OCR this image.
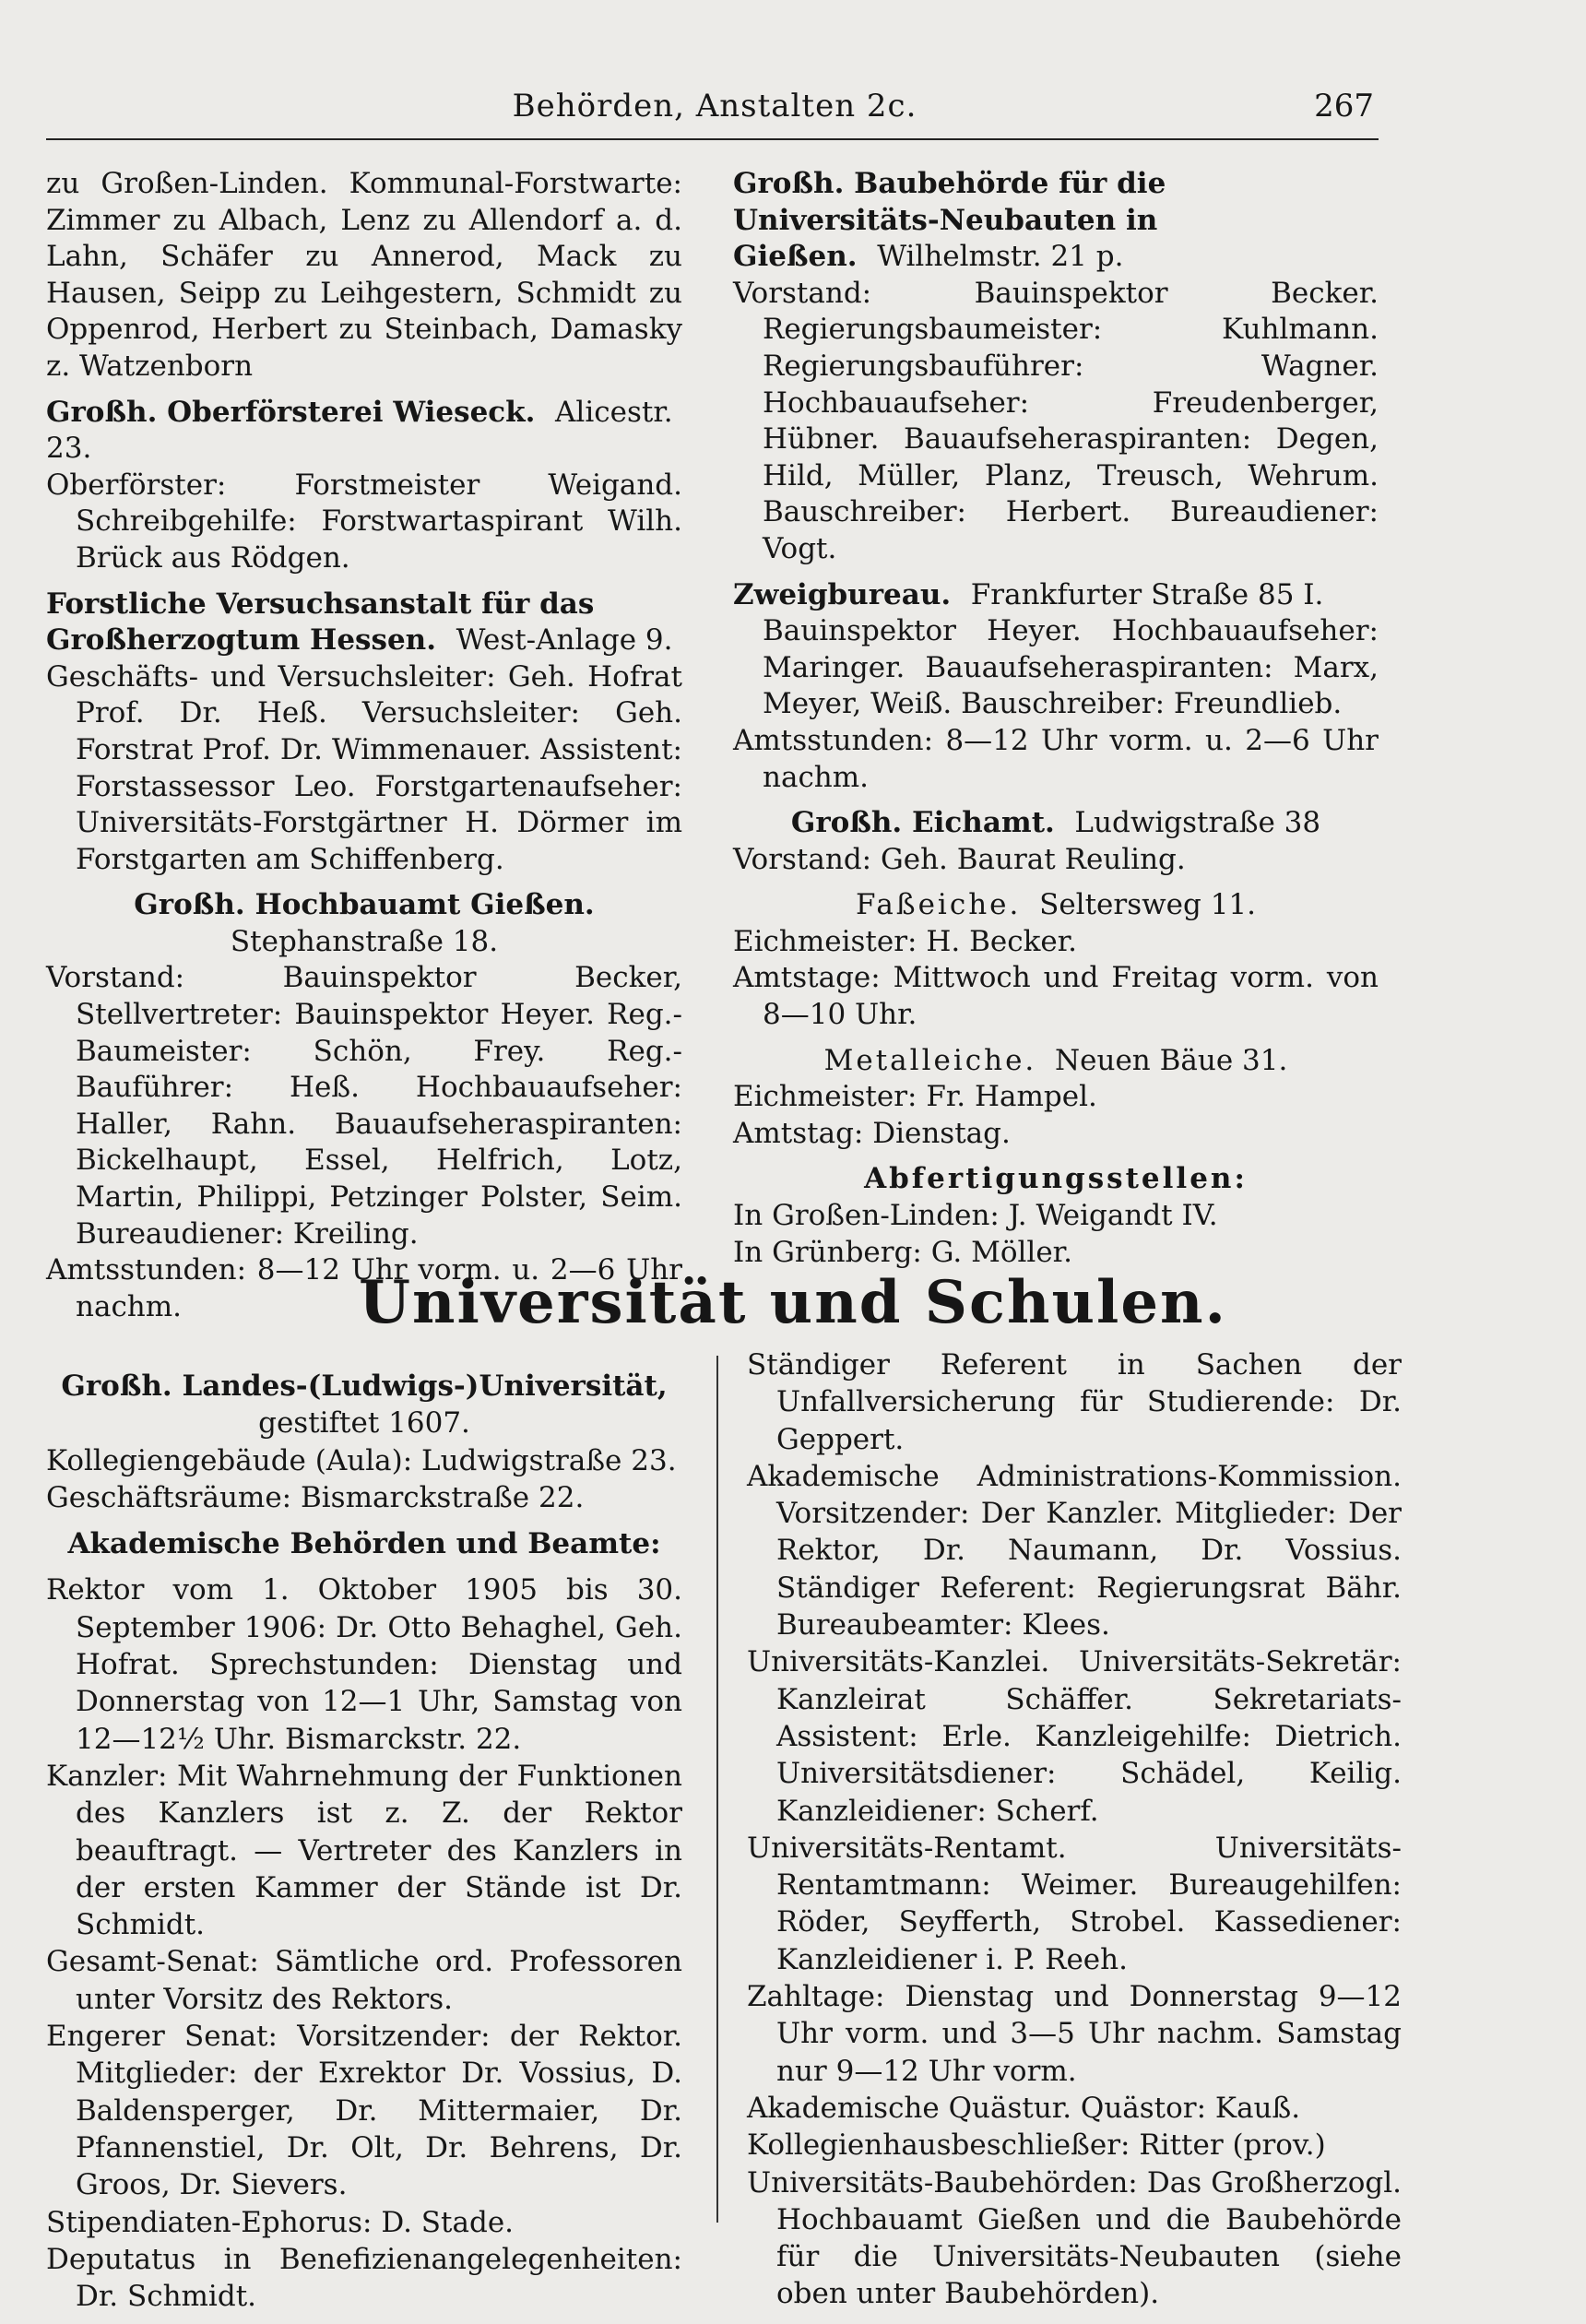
Behörden, Anstalten 2c.	267

zu Großen-Linden. Kommunal-Forstwarte: Zimmer zu Albach, Lenz zu Allendorf a. d. Lahn, Schäfer zu Annerod, Mack zu Hausen, Seipp zu Leihgestern, Schmidt zu Oppenrod, Herbert zu Steinbach, Damasky z. Watzenborn

Großh. Oberförsterei Wieseck. Alicestr. 23.

Oberförster: Forstmeister Weigand. Schreibgehilfe: Forstwartaspirant Wilh. Brück aus Rödgen.

Forstliche Versuchsanstalt für das Großherzogtum Hessen. West-Anlage 9.

Geschäfts- und Versuchsleiter: Geh. Hofrat Prof. Dr. Heß. Versuchsleiter: Geh. Forstrat Prof. Dr. Wimmenauer. Assistent: Forstassessor Leo. Forstgartenaufseher: Universitäts-Forstgärtner H. Dörmer im Forstgarten am Schiffenberg.

Großh. Hochbauamt Gießen.

Stephanstraße 18.

Vorstand: Bauinspektor Becker, Stellvertreter: Bauinspektor Heyer. Reg.-Baumeister: Schön, Frey. Reg.-Bauführer: Heß. Hochbauaufseher: Haller, Rahn. Bauaufseheraspiranten: Bickelhaupt, Essel, Helfrich, Lotz, Martin, Philippi, Petzinger Polster, Seim. Bureaudiener: Kreiling.

Amtsstunden: 8—12 Uhr vorm. u. 2—6 Uhr nachm.

Großh. Baubehörde für die Universitäts-Neubauten in Gießen. Wilhelmstr. 21 p.

Vorstand: Bauinspektor Becker. Regierungsbaumeister: Kuhlmann. Regierungsbauführer: Wagner. Hochbauaufseher: Freudenberger, Hübner. Bauaufseheraspiranten: Degen, Hild, Müller, Planz, Treusch, Wehrum. Bauschreiber: Herbert. Bureaudiener: Vogt.

Zweigbureau. Frankfurter Straße 85 I.

Bauinspektor Heyer. Hochbauaufseher: Maringer. Bauaufseheraspiranten: Marx, Meyer, Weiß. Bauschreiber: Freundlieb.

Amtsstunden: 8—12 Uhr vorm. u. 2—6 Uhr nachm.

Großh. Eichamt. Ludwigstraße 38

Vorstand: Geh. Baurat Reuling.

Faßeiche. Seltersweg 11.

Eichmeister: H. Becker.

Amtstage: Mittwoch und Freitag vorm. von 8—10 Uhr.

Metalleiche. Neuen Bäue 31.

Eichmeister: Fr. Hampel.

Amtstag: Dienstag.

Abfertigungsstellen:

In Großen-Linden: J. Weigandt IV.

In Grünberg: G. Möller.

Universität und Schulen.

Großh. Landes-(Ludwigs-)Universität,

gestiftet 1607.

Kollegiengebäude (Aula): Ludwigstraße 23.

Geschäftsräume: Bismarckstraße 22.

Akademische Behörden und Beamte:

Rektor vom 1. Oktober 1905 bis 30. September 1906: Dr. Otto Behaghel, Geh. Hofrat. Sprechstunden: Dienstag und Donnerstag von 12—1 Uhr, Samstag von 12—12½ Uhr. Bismarckstr. 22.

Kanzler: Mit Wahrnehmung der Funktionen des Kanzlers ist z. Z. der Rektor beauftragt. — Vertreter des Kanzlers in der ersten Kammer der Stände ist Dr. Schmidt.

Gesamt-Senat: Sämtliche ord. Professoren unter Vorsitz des Rektors.

Engerer Senat: Vorsitzender: der Rektor. Mitglieder: der Exrektor Dr. Vossius, D. Baldensperger, Dr. Mittermaier, Dr. Pfannenstiel, Dr. Olt, Dr. Behrens, Dr. Groos, Dr. Sievers.

Stipendiaten-Ephorus: D. Stade.

Deputatus in Benefizienangelegenheiten: Dr. Schmidt.

Ständiger Referent in Sachen der Unfallversicherung für Studierende: Dr. Geppert.

Akademische Administrations-Kommission. Vorsitzender: Der Kanzler. Mitglieder: Der Rektor, Dr. Naumann, Dr. Vossius. Ständiger Referent: Regierungsrat Bähr. Bureaubeamter: Klees.

Universitäts-Kanzlei. Universitäts-Sekretär: Kanzleirat Schäffer. Sekretariats-Assistent: Erle. Kanzleigehilfe: Dietrich. Universitätsdiener: Schädel, Keilig. Kanzleidiener: Scherf.

Universitäts-Rentamt. Universitäts-Rentamtmann: Weimer. Bureaugehilfen: Röder, Seyfferth, Strobel. Kassediener: Kanzleidiener i. P. Reeh.

Zahltage: Dienstag und Donnerstag 9—12 Uhr vorm. und 3—5 Uhr nachm. Samstag nur 9—12 Uhr vorm.

Akademische Quästur. Quästor: Kauß.

Kollegienhausbeschließer: Ritter (prov.)

Universitäts-Baubehörden: Das Großherzogl. Hochbauamt Gießen und die Baubehörde für die Universitäts-Neubauten (siehe oben unter Baubehörden).
